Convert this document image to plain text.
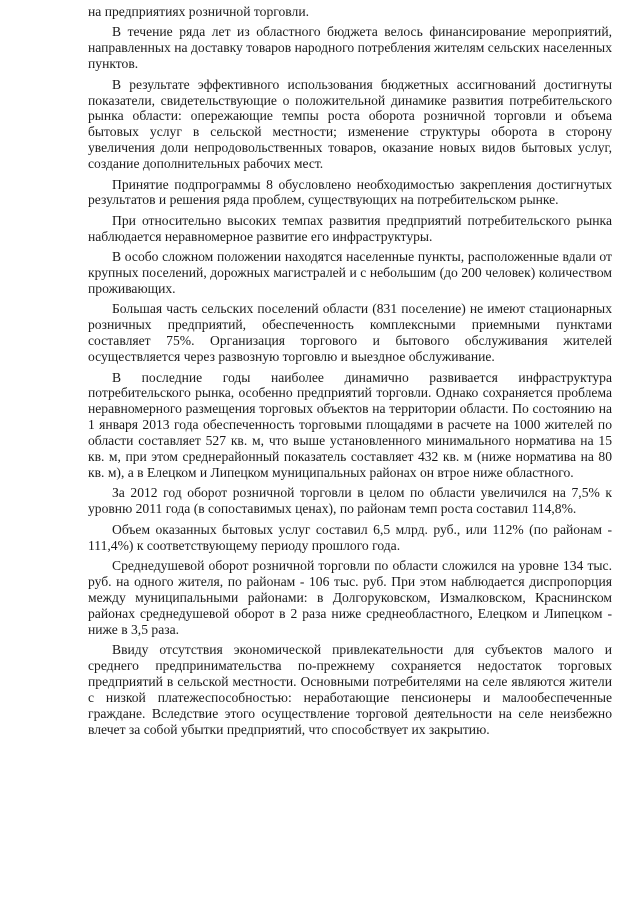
на предприятиях розничной торговли.

В течение ряда лет из областного бюджета велось финансирование мероприятий, направленных на доставку товаров народного потребления жителям сельских населенных пунктов.

В результате эффективного использования бюджетных ассигнований достигнуты показатели, свидетельствующие о положительной динамике развития потребительского рынка области: опережающие темпы роста оборота розничной торговли и объема бытовых услуг в сельской местности; изменение структуры оборота в сторону увеличения доли непродовольственных товаров, оказание новых видов бытовых услуг, создание дополнительных рабочих мест.

Принятие подпрограммы 8 обусловлено необходимостью закрепления достигнутых результатов и решения ряда проблем, существующих на потребительском рынке.

При относительно высоких темпах развития предприятий потребительского рынка наблюдается неравномерное развитие его инфраструктуры.

В особо сложном положении находятся населенные пункты, расположенные вдали от крупных поселений, дорожных магистралей и с небольшим (до 200 человек) количеством проживающих.

Большая часть сельских поселений области (831 поселение) не имеют стационарных розничных предприятий, обеспеченность комплексными приемными пунктами составляет 75%. Организация торгового и бытового обслуживания жителей осуществляется через развозную торговлю и выездное обслуживание.

В последние годы наиболее динамично развивается инфраструктура потребительского рынка, особенно предприятий торговли. Однако сохраняется проблема неравномерного размещения торговых объектов на территории области. По состоянию на 1 января 2013 года обеспеченность торговыми площадями в расчете на 1000 жителей по области составляет 527 кв. м, что выше установленного минимального норматива на 15 кв. м, при этом среднерайонный показатель составляет 432 кв. м (ниже норматива на 80 кв. м), а в Елецком и Липецком муниципальных районах он втрое ниже областного.

За 2012 год оборот розничной торговли в целом по области увеличился на 7,5% к уровню 2011 года (в сопоставимых ценах), по районам темп роста составил 114,8%.

Объем оказанных бытовых услуг составил 6,5 млрд. руб., или 112% (по районам - 111,4%) к соответствующему периоду прошлого года.

Среднедушевой оборот розничной торговли по области сложился на уровне 134 тыс. руб. на одного жителя, по районам - 106 тыс. руб. При этом наблюдается диспропорция между муниципальными районами: в Долгоруковском, Измалковском, Краснинском районах среднедушевой оборот в 2 раза ниже среднеобластного, Елецком и Липецком - ниже в 3,5 раза.

Ввиду отсутствия экономической привлекательности для субъектов малого и среднего предпринимательства по-прежнему сохраняется недостаток торговых предприятий в сельской местности. Основными потребителями на селе являются жители с низкой платежеспособностью: неработающие пенсионеры и малообеспеченные граждане. Вследствие этого осуществление торговой деятельности на селе неизбежно влечет за собой убытки предприятий, что способствует их закрытию.
